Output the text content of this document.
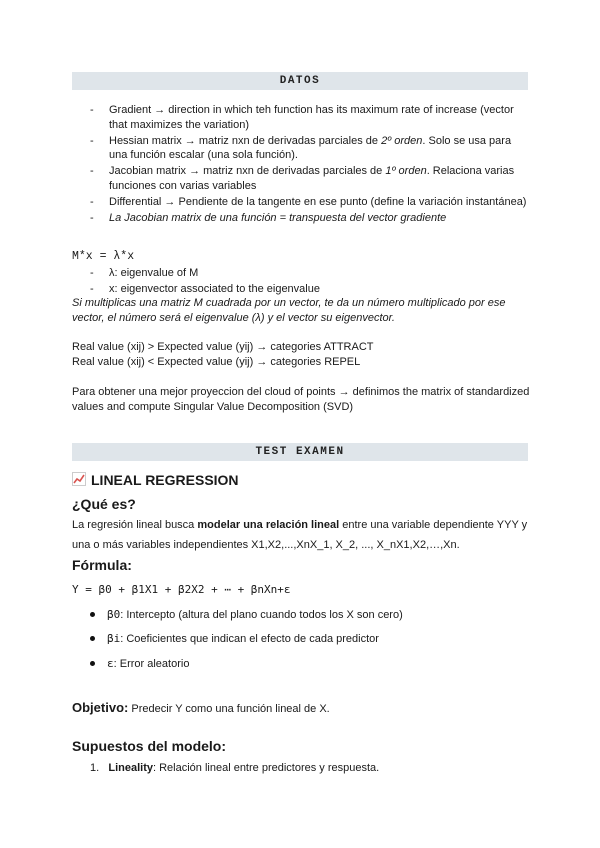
DATOS
- Gradient → direction in which teh function has its maximum rate of increase (vector that maximizes the variation)
- Hessian matrix → matriz nxn de derivadas parciales de 2º orden. Solo se usa para una función escalar (una sola función).
- Jacobian matrix → matriz nxn de derivadas parciales de 1º orden. Relaciona varias funciones con varias variables
- Differential → Pendiente de la tangente en ese punto (define la variación instantánea)
- La Jacobian matrix de una función = transpuesta del vector gradiente
M*x = λ*x
- λ: eigenvalue of M
- x: eigenvector associated to the eigenvalue
Si multiplicas una matriz M cuadrada por un vector, te da un número multiplicado por ese vector, el número será el eigenvalue (λ) y el vector su eigenvector.
Real value (xij) > Expected value (yij) → categories ATTRACT
Real value (xij) < Expected value (yij) → categories REPEL
Para obtener una mejor proyeccion del cloud of points → definimos the matrix of standardized values and compute Singular Value Decomposition (SVD)
TEST EXAMEN
LINEAL REGRESSION
¿Qué es?
La regresión lineal busca modelar una relación lineal entre una variable dependiente YYY y una o más variables independientes X1,X2,...,XnX_1, X_2, ..., X_nX1,X2,…,Xn.
Fórmula:
Y = β0 + β1X1 + β2X2 + ⋯ + βnXn+ε
β0: Intercepto (altura del plano cuando todos los X son cero)
βi: Coeficientes que indican el efecto de cada predictor
ε: Error aleatorio
Objetivo: Predecir Y como una función lineal de X.
Supuestos del modelo:
1. Lineality: Relación lineal entre predictores y respuesta.
